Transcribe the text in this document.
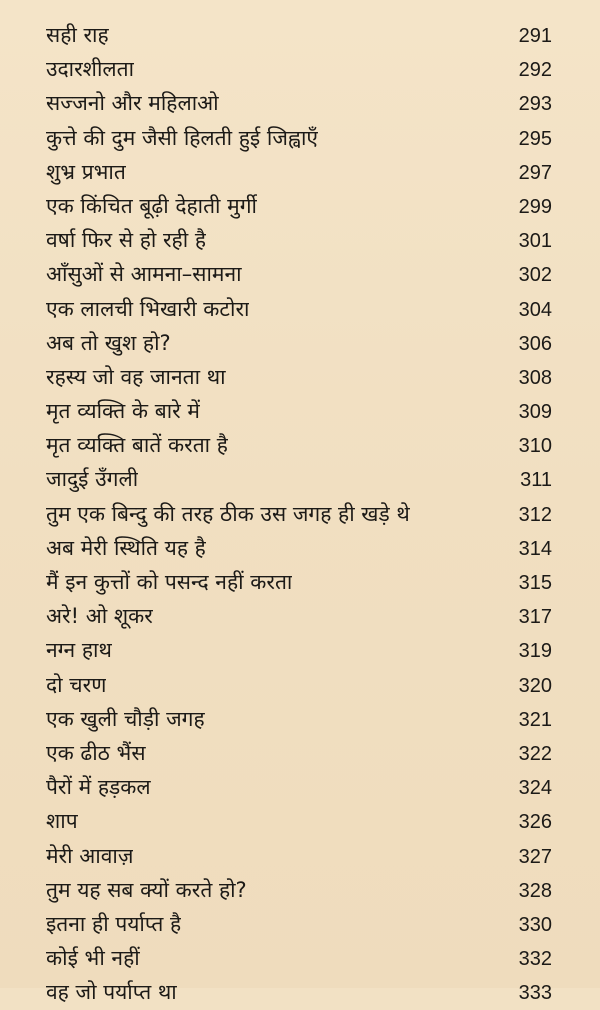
सही राह	291
उदारशीलता	292
सज्जनो और महिलाओ	293
कुत्ते की दुम जैसी हिलती हुई जिह्वाएँ	295
शुभ्र प्रभात	297
एक किंचित बूढ़ी देहाती मुर्गी	299
वर्षा फिर से हो रही है	301
आँसुओं से आमना–सामना	302
एक लालची भिखारी कटोरा	304
अब तो खुश हो?	306
रहस्य जो वह जानता था	308
मृत व्यक्ति के बारे में	309
मृत व्यक्ति बातें करता है	310
जादुई उँगली	311
तुम एक बिन्दु की तरह ठीक उस जगह ही खड़े थे	312
अब मेरी स्थिति यह है	314
मैं इन कुत्तों को पसन्द नहीं करता	315
अरे! ओ शूकर	317
नग्न हाथ	319
दो चरण	320
एक खुली चौड़ी जगह	321
एक ढीठ भैंस	322
पैरों में हड़कल	324
शाप	326
मेरी आवाज़	327
तुम यह सब क्यों करते हो?	328
इतना ही पर्याप्त है	330
कोई भी नहीं	332
वह जो पर्याप्त था	333
